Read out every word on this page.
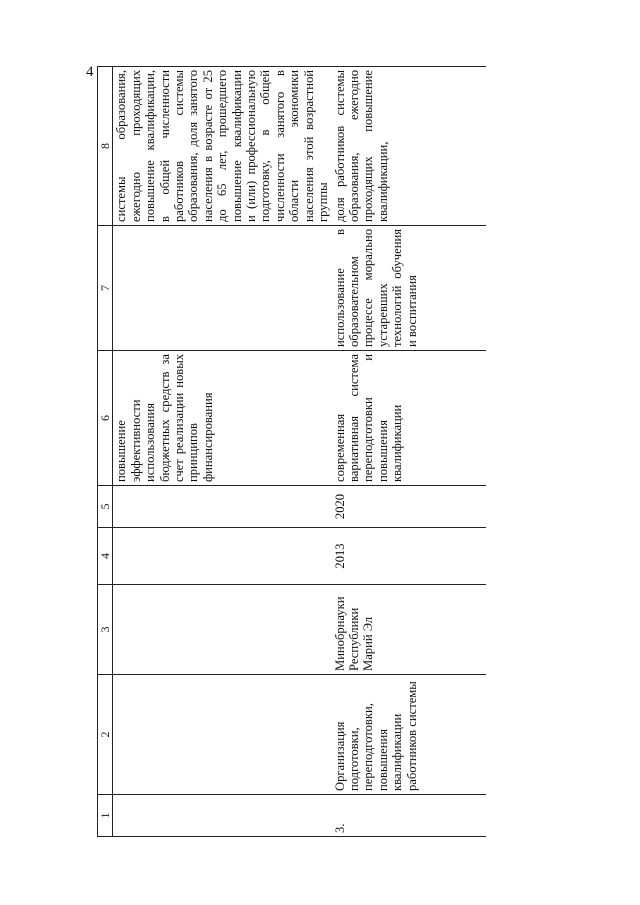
4
1	2	3	4	5	6	7	8
					повышение эффективности использования бюджетных средств за счет реализации новых принципов финансирования		системы образования, ежегодно проходящих повышение квалификации, в общей численности работников системы образования, доля занятого населения в возрасте от 25 до 65 лет, прошедшего повышение квалификации и (или) профессиональную подготовку, в общей численности занятого в области экономики населения этой возрастной группы
3.	Организация подготовки, переподготовки, повышения квалификации работников системы	Минобрнауки Республики Марий Эл	2013	2020	современная вариативная система переподготовки и повышения квалификации	использование в образовательном процессе морально устаревших технологий обучения и воспитания	доля работников системы образования, ежегодно проходящих повышение квалификации,
